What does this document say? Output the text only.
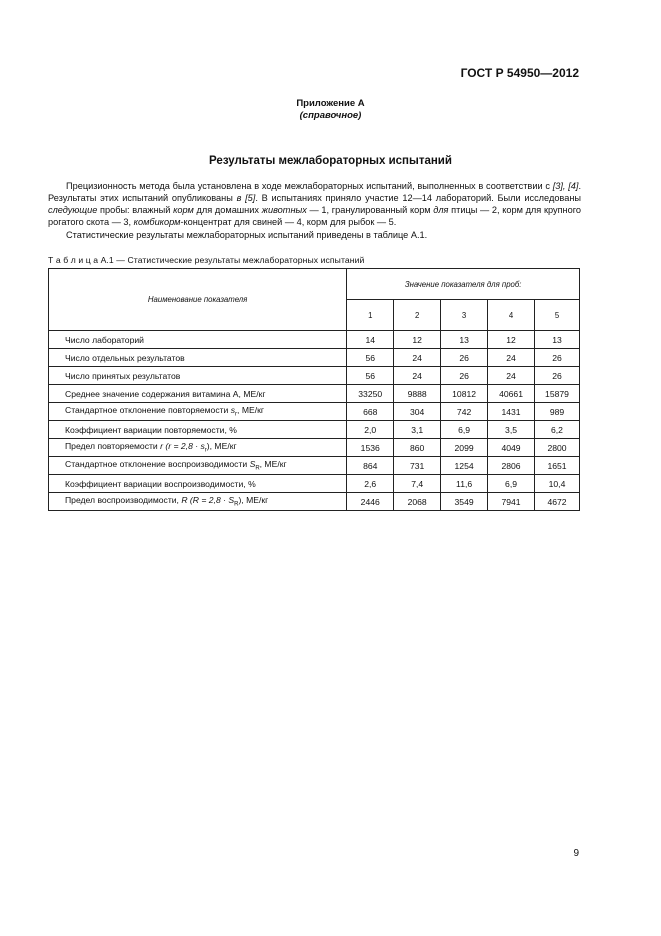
ГОСТ Р 54950—2012
Приложение А
(справочное)
Результаты межлабораторных испытаний
Прецизионность метода была установлена в ходе межлабораторных испытаний, выполненных в соответствии с [3], [4]. Результаты этих испытаний опубликованы в [5]. В испытаниях приняло участие 12—14 лабораторий. Были исследованы следующие пробы: влажный корм для домашних животных — 1, гранулированный корм для птицы — 2, корм для крупного рогатого скота — 3, комбикорм-концентрат для свиней — 4, корм для рыбок — 5.
Статистические результаты межлабораторных испытаний приведены в таблице А.1.
Т а б л и ц а А.1 — Статистические результаты межлабораторных испытаний
Наименование показателя	Значение показателя для проб:				
	1	2	3	4	5
Число лабораторий	14	12	13	12	13
Число отдельных результатов	56	24	26	24	26
Число принятых результатов	56	24	26	24	26
Среднее значение содержания витамина А, МЕ/кг	33250	9888	10812	40661	15879
Стандартное отклонение повторяемости $s_r$, МЕ/кг	668	304	742	1431	989
Коэффициент вариации повторяемости, %	2,0	3,1	6,9	3,5	6,2
Предел повторяемости r $(r = 2,8 \cdot s_r)$, МЕ/кг	1536	860	2099	4049	2800
Стандартное отклонение воспроизводимости $S_R$, МЕ/кг	864	731	1254	2806	1651
Коэффициент вариации воспроизводимости, %	2,6	7,4	11,6	6,9	10,4
Предел воспроизводимости, R $(R = 2,8 \cdot S_R)$, МЕ/кг	2446	2068	3549	7941	4672
9
